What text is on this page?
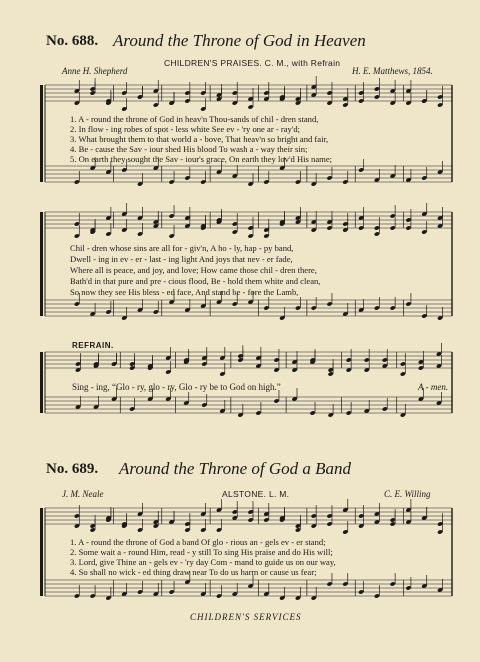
No. 688. Around the Throne of God in Heaven
CHILDREN'S PRAISES. C. M., with Refrain
Anne H. Shepherd	H. E. Matthews, 1854.
1. A - round the throne of God in heav'n Thou-sands of chil - dren stand,
2. In flow - ing robes of spot - less white See ev - 'ry one ar - ray'd;
3. What brought them to that world a - bove, That heav'n so bright and fair,
4. Be - cause the Sav - iour shed His blood To wash a - way their sin;
5. On earth they sought the Sav - iour's grace, On earth they lov'd His name;
Chil - dren whose sins are all for - giv'n, A ho - ly, hap - py band,
Dwell - ing in ev - er - last - ing light And joys that nev - er fade,
Where all is peace, and joy, and love; How came those chil - dren there,
Bath'd in that pure and pre - cious flood, Be - hold them white and clean,
So now they see His bless - ed face, And stand be - fore the Lamb,
REFRAIN.
Sing - ing, “Glo - ry, glo - ry, Glo - ry be to God on high.”	A - men.
No. 689. Around the Throne of God a Band
J. M. Neale	ALSTONE. L. M.	C. E. Willing
1. A - round the throne of God a band Of glo - rious an - gels ev - er stand;
2. Some wait a - round Him, read - y still To sing His praise and do His will;
3. Lord, give Thine an - gels ev - 'ry day Com - mand to guide us on our way,
4. So shall no wick - ed thing draw near To do us harm or cause us fear;
CHILDREN'S SERVICES
